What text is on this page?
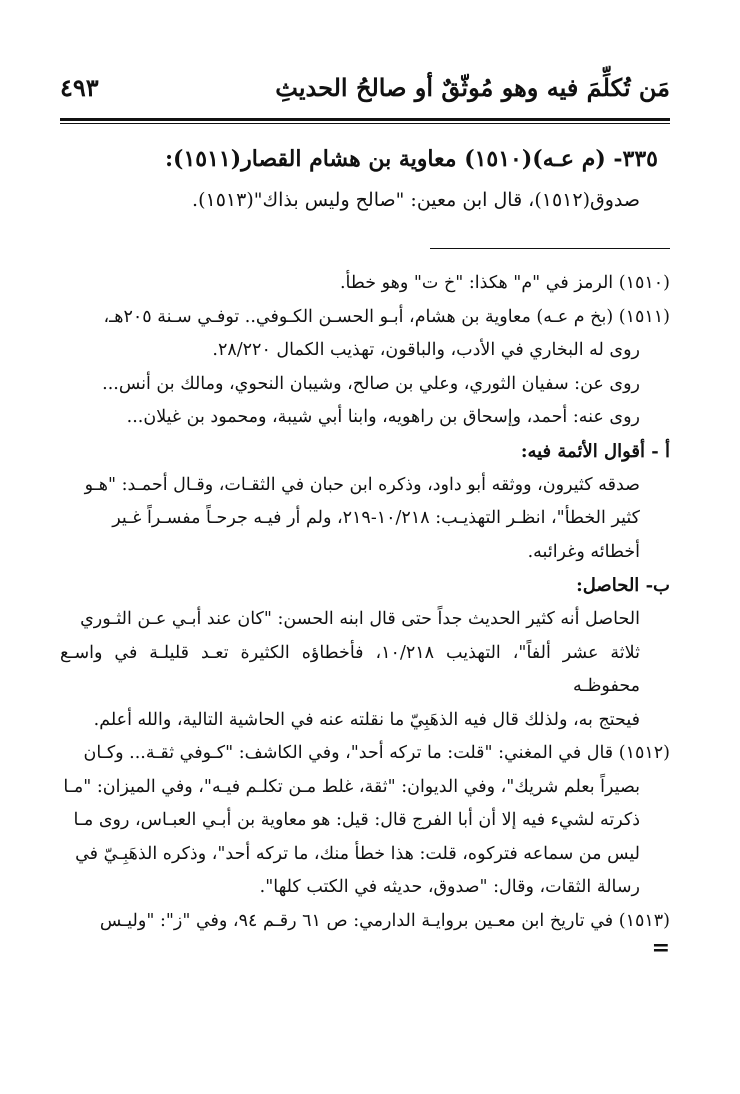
مَن تُكلِّمَ فيه وهو مُوثّقٌ أو صالحُ الحديثِ
٤٩٣
٣٣٥- (م عـه)(١٥١٠) معاوية بن هشام القصار(١٥١١):
صدوق(١٥١٢)، قال ابن معين: "صالح وليس بذاك"(١٥١٣).

(١٥١٠) الرمز في "م" هكذا: "خ ت" وهو خطأ.

(١٥١١) (بخ م عـه) معاوية بن هشام، أبـو الحسـن الكـوفي.. توفـي سـنة ٢٠٥هـ،

روى له البخاري في الأدب، والباقون، تهذيب الكمال ٢٨/٢٢٠.

روى عن: سفيان الثوري، وعلي بن صالح، وشيبان النحوي، ومالك بن أنس...

روى عنه: أحمد، وإسحاق بن راهويه، وابنا أبي شيبة، ومحمود بن غيلان...

أ - أقوال الأئمة فيه:

صدقه كثيرون، ووثقه أبو داود، وذكره ابن حبان في الثقـات، وقـال أحمـد: "هـو

كثير الخطأ"، انظـر التهذيـب: ١٠/٢١٨-٢١٩، ولم أر فيـه جرحـاً مفسـراً غـير

أخطائه وغرائبه.

ب- الحاصل:

الحاصل أنه كثير الحديث جداً حتى قال ابنه الحسن: "كان عند أبـي عـن الثـوري

ثلاثة عشر ألفاً"، التهذيب ١٠/٢١٨، فأخطاؤه الكثيرة تعـد قليلـة في واسـع محفوظـه

فيحتج به، ولذلك قال فيه الذهَبِيّ ما نقلته عنه في الحاشية التالية، والله أعلم.

(١٥١٢) قال في المغني: "قلت: ما تركه أحد"، وفي الكاشف: "كـوفي ثقـة... وكـان

بصيراً بعلم شريك"، وفي الديوان: "ثقة، غلط مـن تكلـم فيـه"، وفي الميزان: "مـا

ذكرته لشيء فيه إلا أن أبا الفرج قال: قيل: هو معاوية بن أبـي العبـاس، روى مـا

ليس من سماعه فتركوه، قلت: هذا خطأ منك، ما تركه أحد"، وذكره الذهَبِـيّ في

رسالة الثقات، وقال: "صدوق، حديثه في الكتب كلها".

(١٥١٣) في تاريخ ابن معـين بروايـة الدارمي: ص ٦١ رقـم ٩٤، وفي "ز": "وليـس

=
